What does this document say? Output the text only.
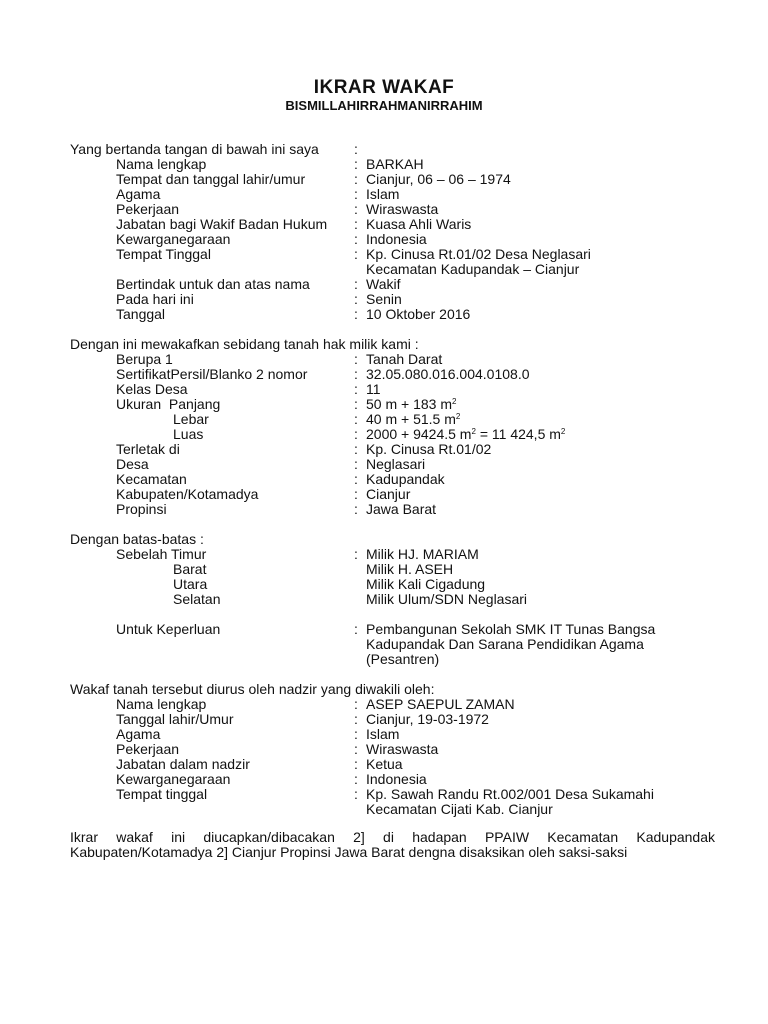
IKRAR WAKAF
BISMILLAHIRRAHMANIRRAHIM
Yang bertanda tangan di bawah ini saya	:
Nama lengkap	: BARKAH
Tempat dan tanggal lahir/umur	: Cianjur, 06 – 06 – 1974
Agama	: Islam
Pekerjaan	: Wiraswasta
Jabatan bagi Wakif Badan Hukum	: Kuasa Ahli Waris
Kewarganegaraan	: Indonesia
Tempat Tinggal	: Kp. Cinusa Rt.01/02 Desa Neglasari
Kecamatan Kadupandak – Cianjur
Bertindak untuk dan atas nama	: Wakif
Pada hari ini	: Senin
Tanggal	: 10 Oktober 2016
Dengan ini mewakafkan sebidang tanah hak milik kami :
Berupa 1	: Tanah Darat
SertifikatPersil/Blanko 2 nomor	: 32.05.080.016.004.0108.0
Kelas Desa	: 11
Ukuran  Panjang	: 50 m + 183 $m^2$
Lebar	: 40 m + 51.5 $m^2$
Luas	: 2000 + 9424.5 $m^2 = 11$ 424,5 $m^2$
Terletak di	: Kp. Cinusa Rt.01/02
Desa	: Neglasari
Kecamatan	: Kadupandak
Kabupaten/Kotamadya	: Cianjur
Propinsi	: Jawa Barat
Dengan batas-batas :
Sebelah Timur	: Milik HJ. MARIAM
Barat	Milik H. ASEH
Utara	Milik Kali Cigadung
Selatan	Milik Ulum/SDN Neglasari
Untuk Keperluan	: Pembangunan Sekolah SMK IT Tunas Bangsa
Kadupandak Dan Sarana Pendidikan Agama
(Pesantren)
Wakaf tanah tersebut diurus oleh nadzir yang diwakili oleh:
Nama lengkap	: ASEP SAEPUL ZAMAN
Tanggal lahir/Umur	: Cianjur, 19-03-1972
Agama	: Islam
Pekerjaan	: Wiraswasta
Jabatan dalam nadzir	: Ketua
Kewarganegaraan	: Indonesia
Tempat tinggal	: Kp. Sawah Randu Rt.002/001 Desa Sukamahi
Kecamatan Cijati Kab. Cianjur
Ikrar wakaf ini diucapkan/dibacakan 2] di hadapan PPAIW Kecamatan Kadupandak
Kabupaten/Kotamadya 2] Cianjur Propinsi Jawa Barat dengna disaksikan oleh saksi-saksi
